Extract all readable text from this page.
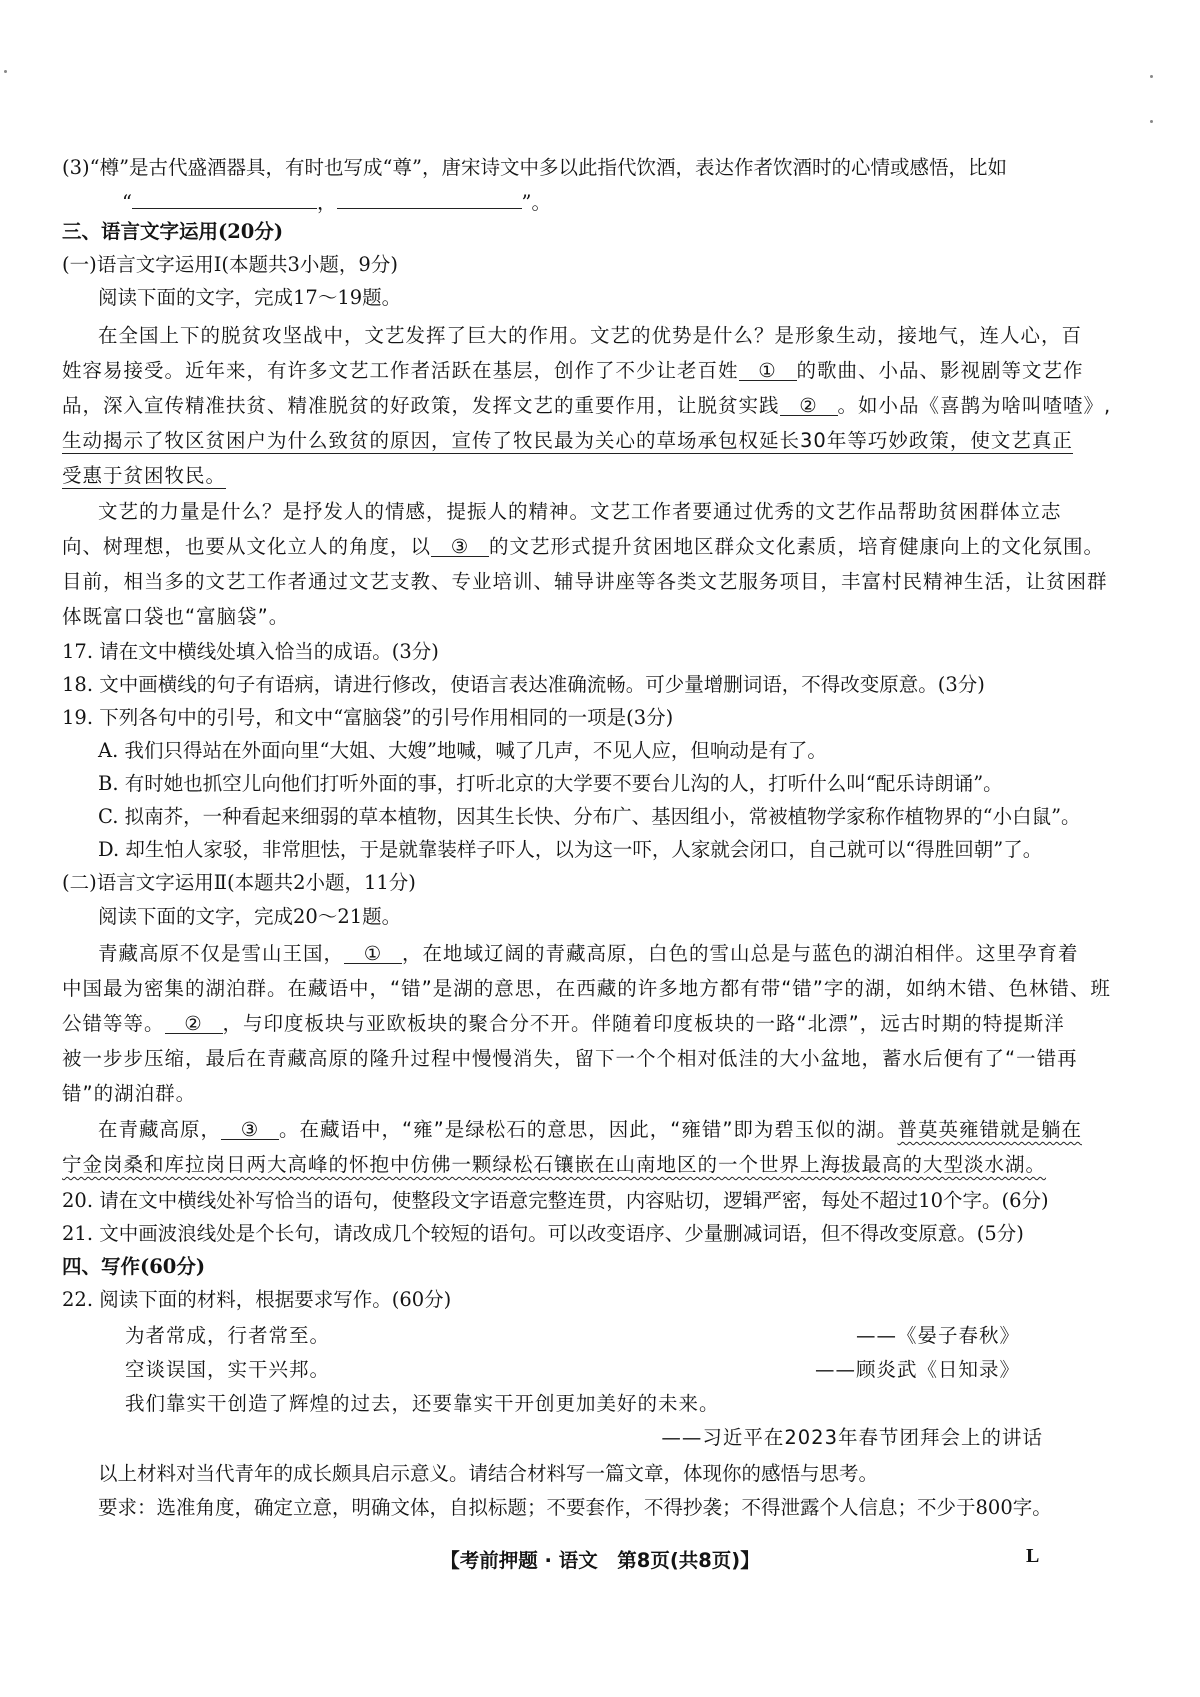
(3)“樽”是古代盛酒器具，有时也写成“尊”，唐宋诗文中多以此指代饮酒，表达作者饮酒时的心情或感悟，比如
“	，	”。
三、语言文字运用(20分)
(一)语言文字运用Ⅰ(本题共3小题，9分)
阅读下面的文字，完成17～19题。
在全国上下的脱贫攻坚战中，文艺发挥了巨大的作用。文艺的优势是什么？是形象生动，接地气，连人心，百
姓容易接受。近年来，有许多文艺工作者活跃在基层，创作了不少让老百姓 ① 的歌曲、小品、影视剧等文艺作
品，深入宣传精准扶贫、精准脱贫的好政策，发挥文艺的重要作用，让脱贫实践 ② 。如小品《喜鹊为啥叫喳喳》,
生动揭示了牧区贫困户为什么致贫的原因，宣传了牧民最为关心的草场承包权延长30年等巧妙政策，使文艺真正
受惠于贫困牧民。
文艺的力量是什么？是抒发人的情感，提振人的精神。文艺工作者要通过优秀的文艺作品帮助贫困群体立志
向、树理想，也要从文化立人的角度，以 ③ 的文艺形式提升贫困地区群众文化素质，培育健康向上的文化氛围。
目前，相当多的文艺工作者通过文艺支教、专业培训、辅导讲座等各类文艺服务项目，丰富村民精神生活，让贫困群
体既富口袋也“富脑袋”。
17. 请在文中横线处填入恰当的成语。(3分)
18. 文中画横线的句子有语病，请进行修改，使语言表达准确流畅。可少量增删词语，不得改变原意。(3分)
19. 下列各句中的引号，和文中“富脑袋”的引号作用相同的一项是(3分)
A. 我们只得站在外面向里“大姐、大嫂”地喊，喊了几声，不见人应，但响动是有了。
B. 有时她也抓空儿向他们打听外面的事，打听北京的大学要不要台儿沟的人，打听什么叫“配乐诗朗诵”。
C. 拟南芥，一种看起来细弱的草本植物，因其生长快、分布广、基因组小，常被植物学家称作植物界的“小白鼠”。
D. 却生怕人家驳，非常胆怯，于是就靠装样子吓人，以为这一吓，人家就会闭口，自己就可以“得胜回朝”了。
(二)语言文字运用Ⅱ(本题共2小题，11分)
阅读下面的文字，完成20～21题。
青藏高原不仅是雪山王国， ① ，在地域辽阔的青藏高原，白色的雪山总是与蓝色的湖泊相伴。这里孕育着
中国最为密集的湖泊群。在藏语中，“错”是湖的意思，在西藏的许多地方都有带“错”字的湖，如纳木错、色林错、班
公错等等。 ② ，与印度板块与亚欧板块的聚合分不开。伴随着印度板块的一路“北漂”，远古时期的特提斯洋
被一步步压缩，最后在青藏高原的隆升过程中慢慢消失，留下一个个相对低洼的大小盆地，蓄水后便有了“一错再
错”的湖泊群。
在青藏高原， ③ 。在藏语中，“雍”是绿松石的意思，因此，“雍错”即为碧玉似的湖。普莫英雍错就是躺在
宁金岗桑和库拉岗日两大高峰的怀抱中仿佛一颗绿松石镶嵌在山南地区的一个世界上海拔最高的大型淡水湖。
20. 请在文中横线处补写恰当的语句，使整段文字语意完整连贯，内容贴切，逻辑严密，每处不超过10个字。(6分)
21. 文中画波浪线处是个长句，请改成几个较短的语句。可以改变语序、少量删减词语，但不得改变原意。(5分)
四、写作(60分)
22. 阅读下面的材料，根据要求写作。(60分)
为者常成，行者常至。	——《晏子春秋》
空谈误国，实干兴邦。	——顾炎武《日知录》
我们靠实干创造了辉煌的过去，还要靠实干开创更加美好的未来。
——习近平在2023年春节团拜会上的讲话
以上材料对当代青年的成长颇具启示意义。请结合材料写一篇文章，体现你的感悟与思考。
要求：选准角度，确定立意，明确文体，自拟标题；不要套作，不得抄袭；不得泄露个人信息；不少于800字。
【考前押题 · 语文　第8页(共8页)】	L
